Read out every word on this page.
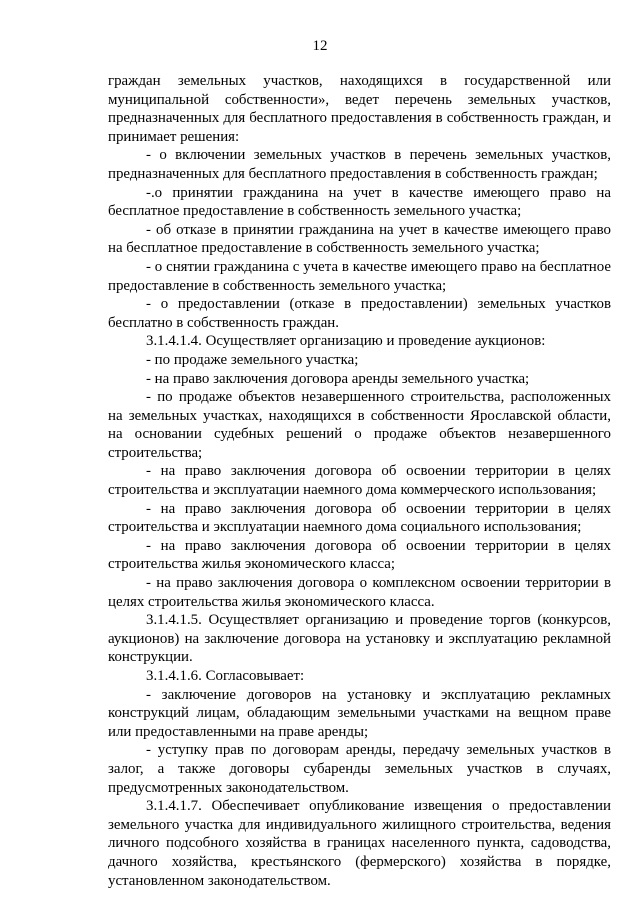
12

граждан земельных участков, находящихся в государственной или муниципальной собственности», ведет перечень земельных участков, предназначенных для бесплатного предоставления в собственность граждан, и принимает решения:

- о включении земельных участков в перечень земельных участков, предназначенных для бесплатного предоставления в собственность граждан;

-.о принятии гражданина на учет в качестве имеющего право на бесплатное предоставление в собственность земельного участка;

- об отказе в принятии гражданина на учет в качестве имеющего право на бесплатное предоставление в собственность земельного участка;

- о снятии гражданина с учета в качестве имеющего право на бесплатное предоставление в собственность земельного участка;

- о предоставлении (отказе в предоставлении) земельных участков бесплатно в собственность граждан.

3.1.4.1.4. Осуществляет организацию и проведение аукционов:

- по продаже земельного участка;

- на право заключения договора аренды земельного участка;

- по продаже объектов незавершенного строительства, расположенных на земельных участках, находящихся в собственности Ярославской области, на основании судебных решений о продаже объектов незавершенного строительства;

- на право заключения договора об освоении территории в целях строительства и эксплуатации наемного дома коммерческого использования;

- на право заключения договора об освоении территории в целях строительства и эксплуатации наемного дома социального использования;

- на право заключения договора об освоении территории в целях строительства жилья экономического класса;

- на право заключения договора о комплексном освоении территории в целях строительства жилья экономического класса.

3.1.4.1.5. Осуществляет организацию и проведение торгов (конкурсов, аукционов) на заключение договора на установку и эксплуатацию рекламной конструкции.

3.1.4.1.6. Согласовывает:

- заключение договоров на установку и эксплуатацию рекламных конструкций лицам, обладающим земельными участками на вещном праве или предоставленными на праве аренды;

- уступку прав по договорам аренды, передачу земельных участков в залог, а также договоры субаренды земельных участков в случаях, предусмотренных законодательством.

3.1.4.1.7. Обеспечивает опубликование извещения о предоставлении земельного участка для индивидуального жилищного строительства, ведения личного подсобного хозяйства в границах населенного пункта, садоводства, дачного хозяйства, крестьянского (фермерского) хозяйства в порядке, установленном законодательством.
